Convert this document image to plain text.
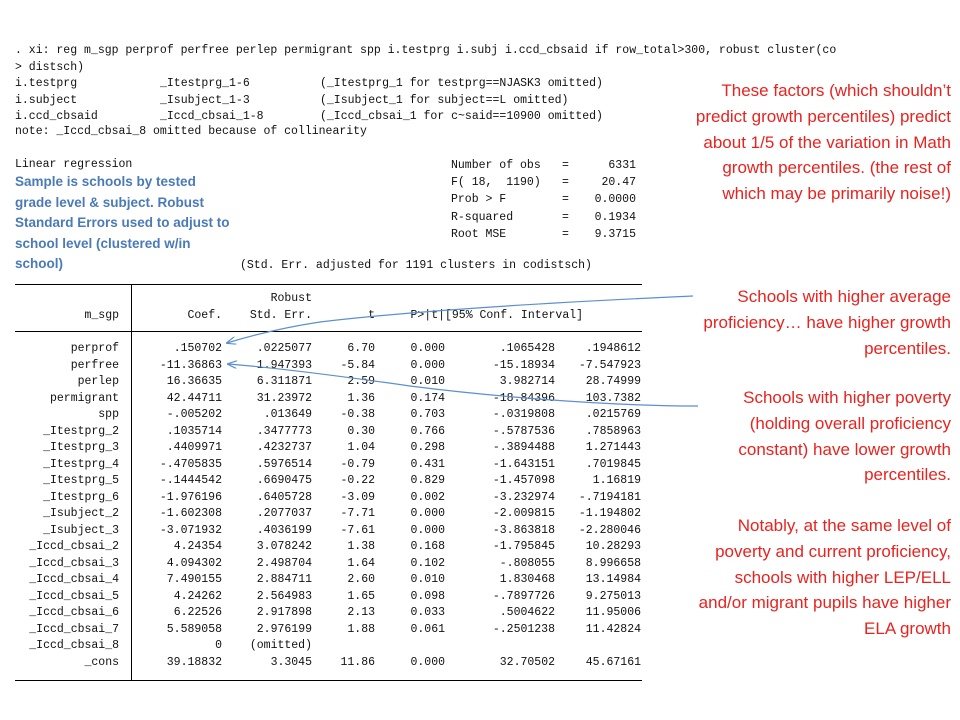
. xi: reg m_sgp perprof perfree perlep permigrant spp i.testprg i.subj i.ccd_cbsaid if row_total>300, robust cluster(co
> distsch)
i.testprg	_Itestprg_1-6	(_Itestprg_1 for testprg==NJASK3 omitted)
i.subject	_Isubject_1-3	(_Isubject_1 for subject==L omitted)
i.ccd_cbsaid	_Iccd_cbsai_1-8	(_Iccd_cbsai_1 for c~said==10900 omitted)
note: _Iccd_cbsai_8 omitted because of collinearity
Linear regression	Number of obs =	6331
F( 18,  1190) =	20.47
Prob > F	= 0.0000
R-squared	= 0.1934
Root MSE	= 9.3715
Sample is schools by tested grade level & subject. Robust Standard Errors used to adjust to school level (clustered w/in school)	(Std. Err. adjusted for 1191 clusters in codistsch)
Robust
m_sgp	Coef.	Std. Err.	t	P>|t| [95% Conf. Interval]
perprof	.150702	.0225077	6.70	0.000	.1065428	.1948612
perfree	-11.36863	1.947393	-5.84	0.000	-15.18934	-7.547923
perlep	16.36635	6.311871	2.59	0.010	3.982714	28.74999
permigrant	42.44711	31.23972	1.36	0.174	-18.84396	103.7382
spp	-.005202	.013649	-0.38	0.703	-.0319808	.0215769
_Itestprg_2	.1035714	.3477773	0.30	0.766	-.5787536	.7858963
_Itestprg_3	.4409971	.4232737	1.04	0.298	-.3894488	1.271443
_Itestprg_4	-.4705835	.5976514	-0.79	0.431	-1.643151	.7019845
_Itestprg_5	-.1444542	.6690475	-0.22	0.829	-1.457098	1.16819
_Itestprg_6	-1.976196	.6405728	-3.09	0.002	-3.232974	-.7194181
_Isubject_2	-1.602308	.2077037	-7.71	0.000	-2.009815	-1.194802
_Isubject_3	-3.071932	.4036199	-7.61	0.000	-3.863818	-2.280046
_Iccd_cbsai_2	4.24354	3.078242	1.38	0.168	-1.795845	10.28293
_Iccd_cbsai_3	4.094302	2.498704	1.64	0.102	-.808055	8.996658
_Iccd_cbsai_4	7.490155	2.884711	2.60	0.010	1.830468	13.14984
_Iccd_cbsai_5	4.24262	2.564983	1.65	0.098	-.7897726	9.275013
_Iccd_cbsai_6	6.22526	2.917898	2.13	0.033	.5004622	11.95006
_Iccd_cbsai_7	5.589058	2.976199	1.88	0.061	-.2501238	11.42824
_Iccd_cbsai_8	0	(omitted)
_cons	39.18832	3.3045	11.86	0.000	32.70502	45.67161
These factors (which shouldn’t predict growth percentiles) predict about 1/5 of the variation in Math growth percentiles. (the rest of which may be primarily noise!)
Schools with higher average proficiency… have higher growth percentiles.
Schools with higher poverty (holding overall proficiency constant) have lower growth percentiles.
Notably, at the same level of poverty and current proficiency, schools with higher LEP/ELL and/or migrant pupils have higher ELA growth
